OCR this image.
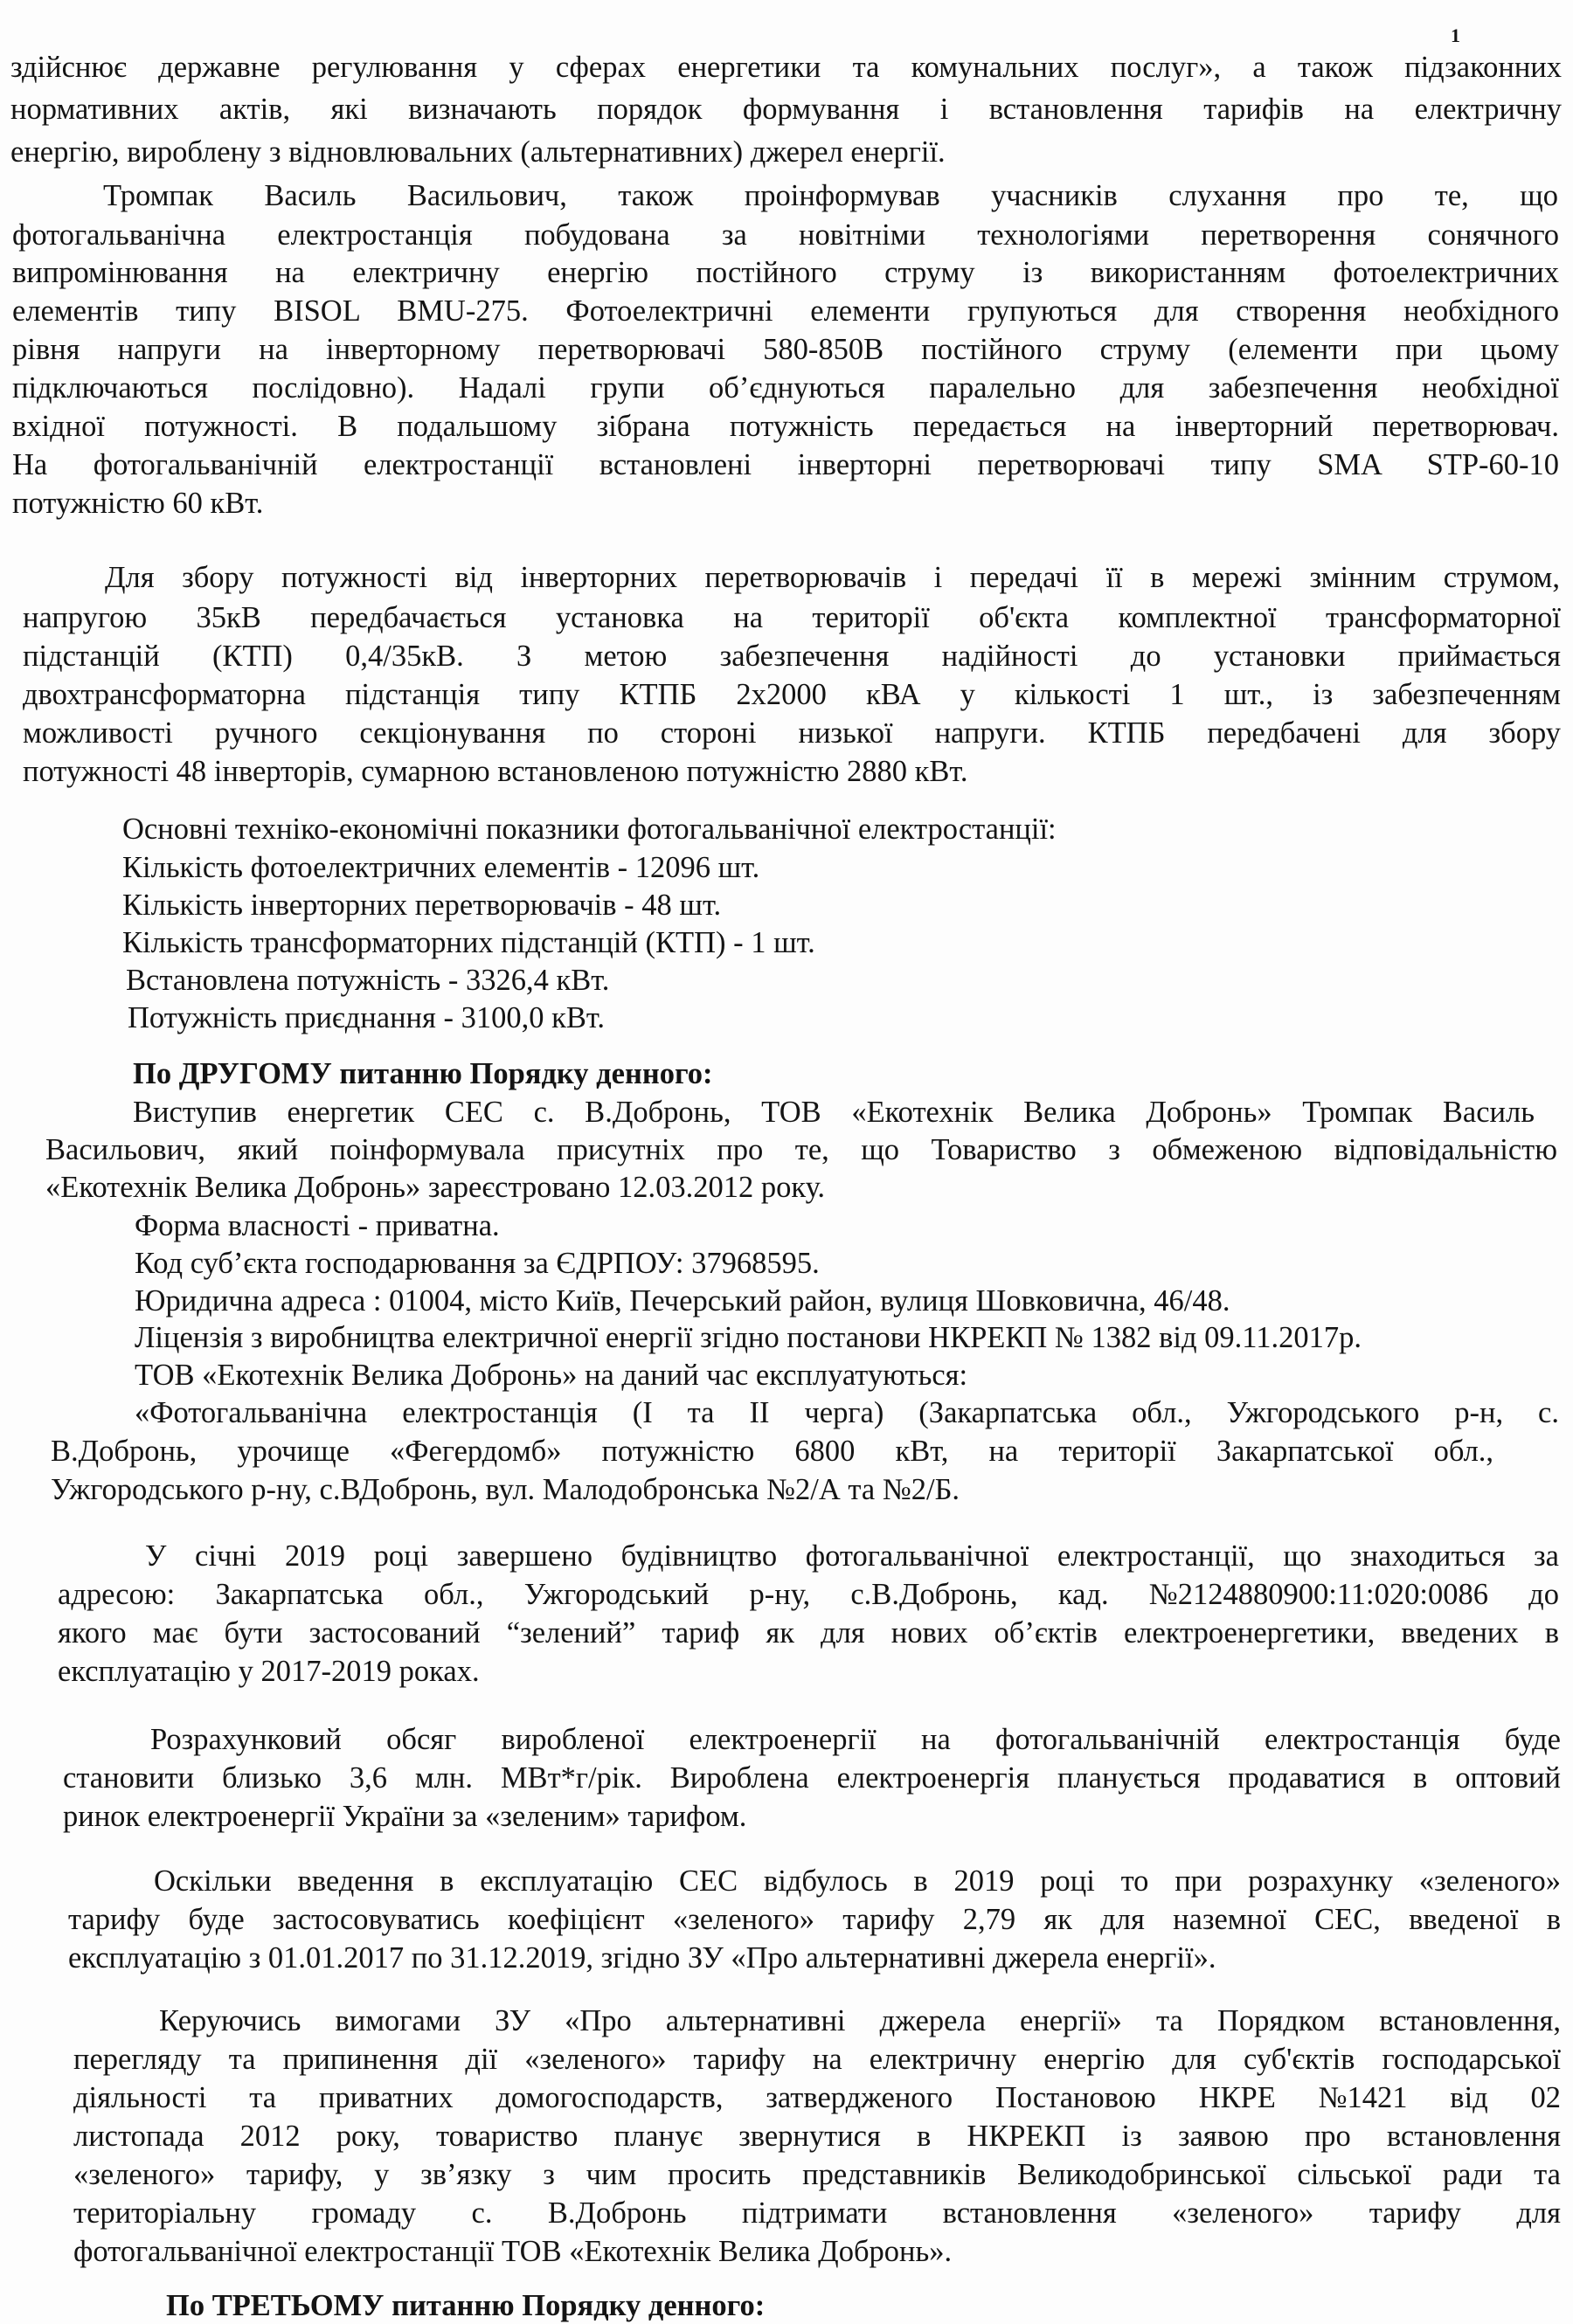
1
здійснює державне регулювання у сферах енергетики та комунальних послуг», а також підзаконних
нормативних актів, які визначають порядок формування і встановлення тарифів на електричну
енергію, вироблену з відновлювальних (альтернативних) джерел енергії.
Тромпак Василь Васильович, також проінформував учасників слухання про те, що
фотогальванічна електростанція побудована за новітніми технологіями перетворення сонячного
випромінювання на електричну енергію постійного струму із використанням фотоелектричних
елементів типу BISOL BMU-275. Фотоелектричні елементи групуються для створення необхідного
рівня напруги на інверторному перетворювачі 580-850В постійного струму (елементи при цьому
підключаються послідовно). Надалі групи об’єднуються паралельно для забезпечення необхідної
вхідної потужності. В подальшому зібрана потужність передається на інверторний перетворювач.
На фотогальванічній електростанції встановлені інверторні перетворювачі типу SMA STP-60-10
потужністю 60 кВт.
Для збору потужності від інверторних перетворювачів і передачі її в мережі змінним струмом,
напругою 35кВ передбачається установка на території об'єкта комплектної трансформаторної
підстанцій (КТП) 0,4/35кВ. З метою забезпечення надійності до установки приймається
двохтрансформаторна підстанція типу КТПБ 2х2000 кВА у кількості 1 шт., із забезпеченням
можливості ручного секціонування по стороні низької напруги. КТПБ передбачені для збору
потужності 48 інверторів, сумарною встановленою потужністю 2880 кВт.
Основні техніко-економічні показники фотогальванічної електростанції:
Кількість фотоелектричних елементів - 12096 шт.
Кількість інверторних перетворювачів - 48 шт.
Кількість трансформаторних підстанцій (КТП) - 1 шт.
Встановлена потужність - 3326,4 кВт.
Потужність приєднання - 3100,0 кВт.
По ДРУГОМУ питанню Порядку денного:
Виступив енергетик СЕС с. В.Добронь, ТОВ «Екотехнік Велика Добронь» Тромпак Василь
Васильович, який поінформувала присутніх про те, що Товариство з обмеженою відповідальністю
«Екотехнік Велика Добронь» зареєстровано 12.03.2012 року.
Форма власності - приватна.
Код суб’єкта господарювання за ЄДРПОУ: 37968595.
Юридична адреса : 01004, місто Київ, Печерський район, вулиця Шовковична, 46/48.
Ліцензія з виробництва електричної енергії згідно постанови НКРЕКП № 1382 від 09.11.2017р.
ТОВ «Екотехнік Велика Добронь» на даний час експлуатуються:
«Фотогальванічна електростанція (І та ІІ черга) (Закарпатська обл., Ужгородського р-н, с.
В.Добронь, урочище «Фегердомб» потужністю 6800 кВт, на території Закарпатської обл.,
Ужгородського р-ну, с.ВДобронь, вул. Малодобронська №2/А та №2/Б.
У січні 2019 році завершено будівництво фотогальванічної електростанції, що знаходиться за
адресою: Закарпатська обл., Ужгородський р-ну, с.В.Добронь, кад. №2124880900:11:020:0086 до
якого має бути застосований “зелений” тариф як для нових об’єктів електроенергетики, введених в
експлуатацію у 2017-2019 роках.
Розрахунковий обсяг виробленої електроенергії на фотогальванічній електростанція буде
становити близько 3,6 млн. МВт*г/рік. Вироблена електроенергія планується продаватися в оптовий
ринок електроенергії України за «зеленим» тарифом.
Оскільки введення в експлуатацію СЕС відбулось в 2019 році то при розрахунку «зеленого»
тарифу буде застосовуватись коефіцієнт «зеленого» тарифу 2,79 як для наземної СЕС, введеної в
експлуатацію з 01.01.2017 по 31.12.2019, згідно ЗУ «Про альтернативні джерела енергії».
Керуючись вимогами ЗУ «Про альтернативні джерела енергії» та Порядком встановлення,
перегляду та припинення дії «зеленого» тарифу на електричну енергію для суб'єктів господарської
діяльності та приватних домогосподарств, затвердженого Постановою НКРЕ №1421 від 02
листопада 2012 року, товариство планує звернутися в НКРЕКП із заявою про встановлення
«зеленого» тарифу, у зв’язку з чим просить представників Великодобринської сільської ради та
територіальну громаду с. В.Добронь підтримати встановлення «зеленого» тарифу для
фотогальванічної електростанції ТОВ «Екотехнік Велика Добронь».
По ТРЕТЬОМУ питанню Порядку денного:
